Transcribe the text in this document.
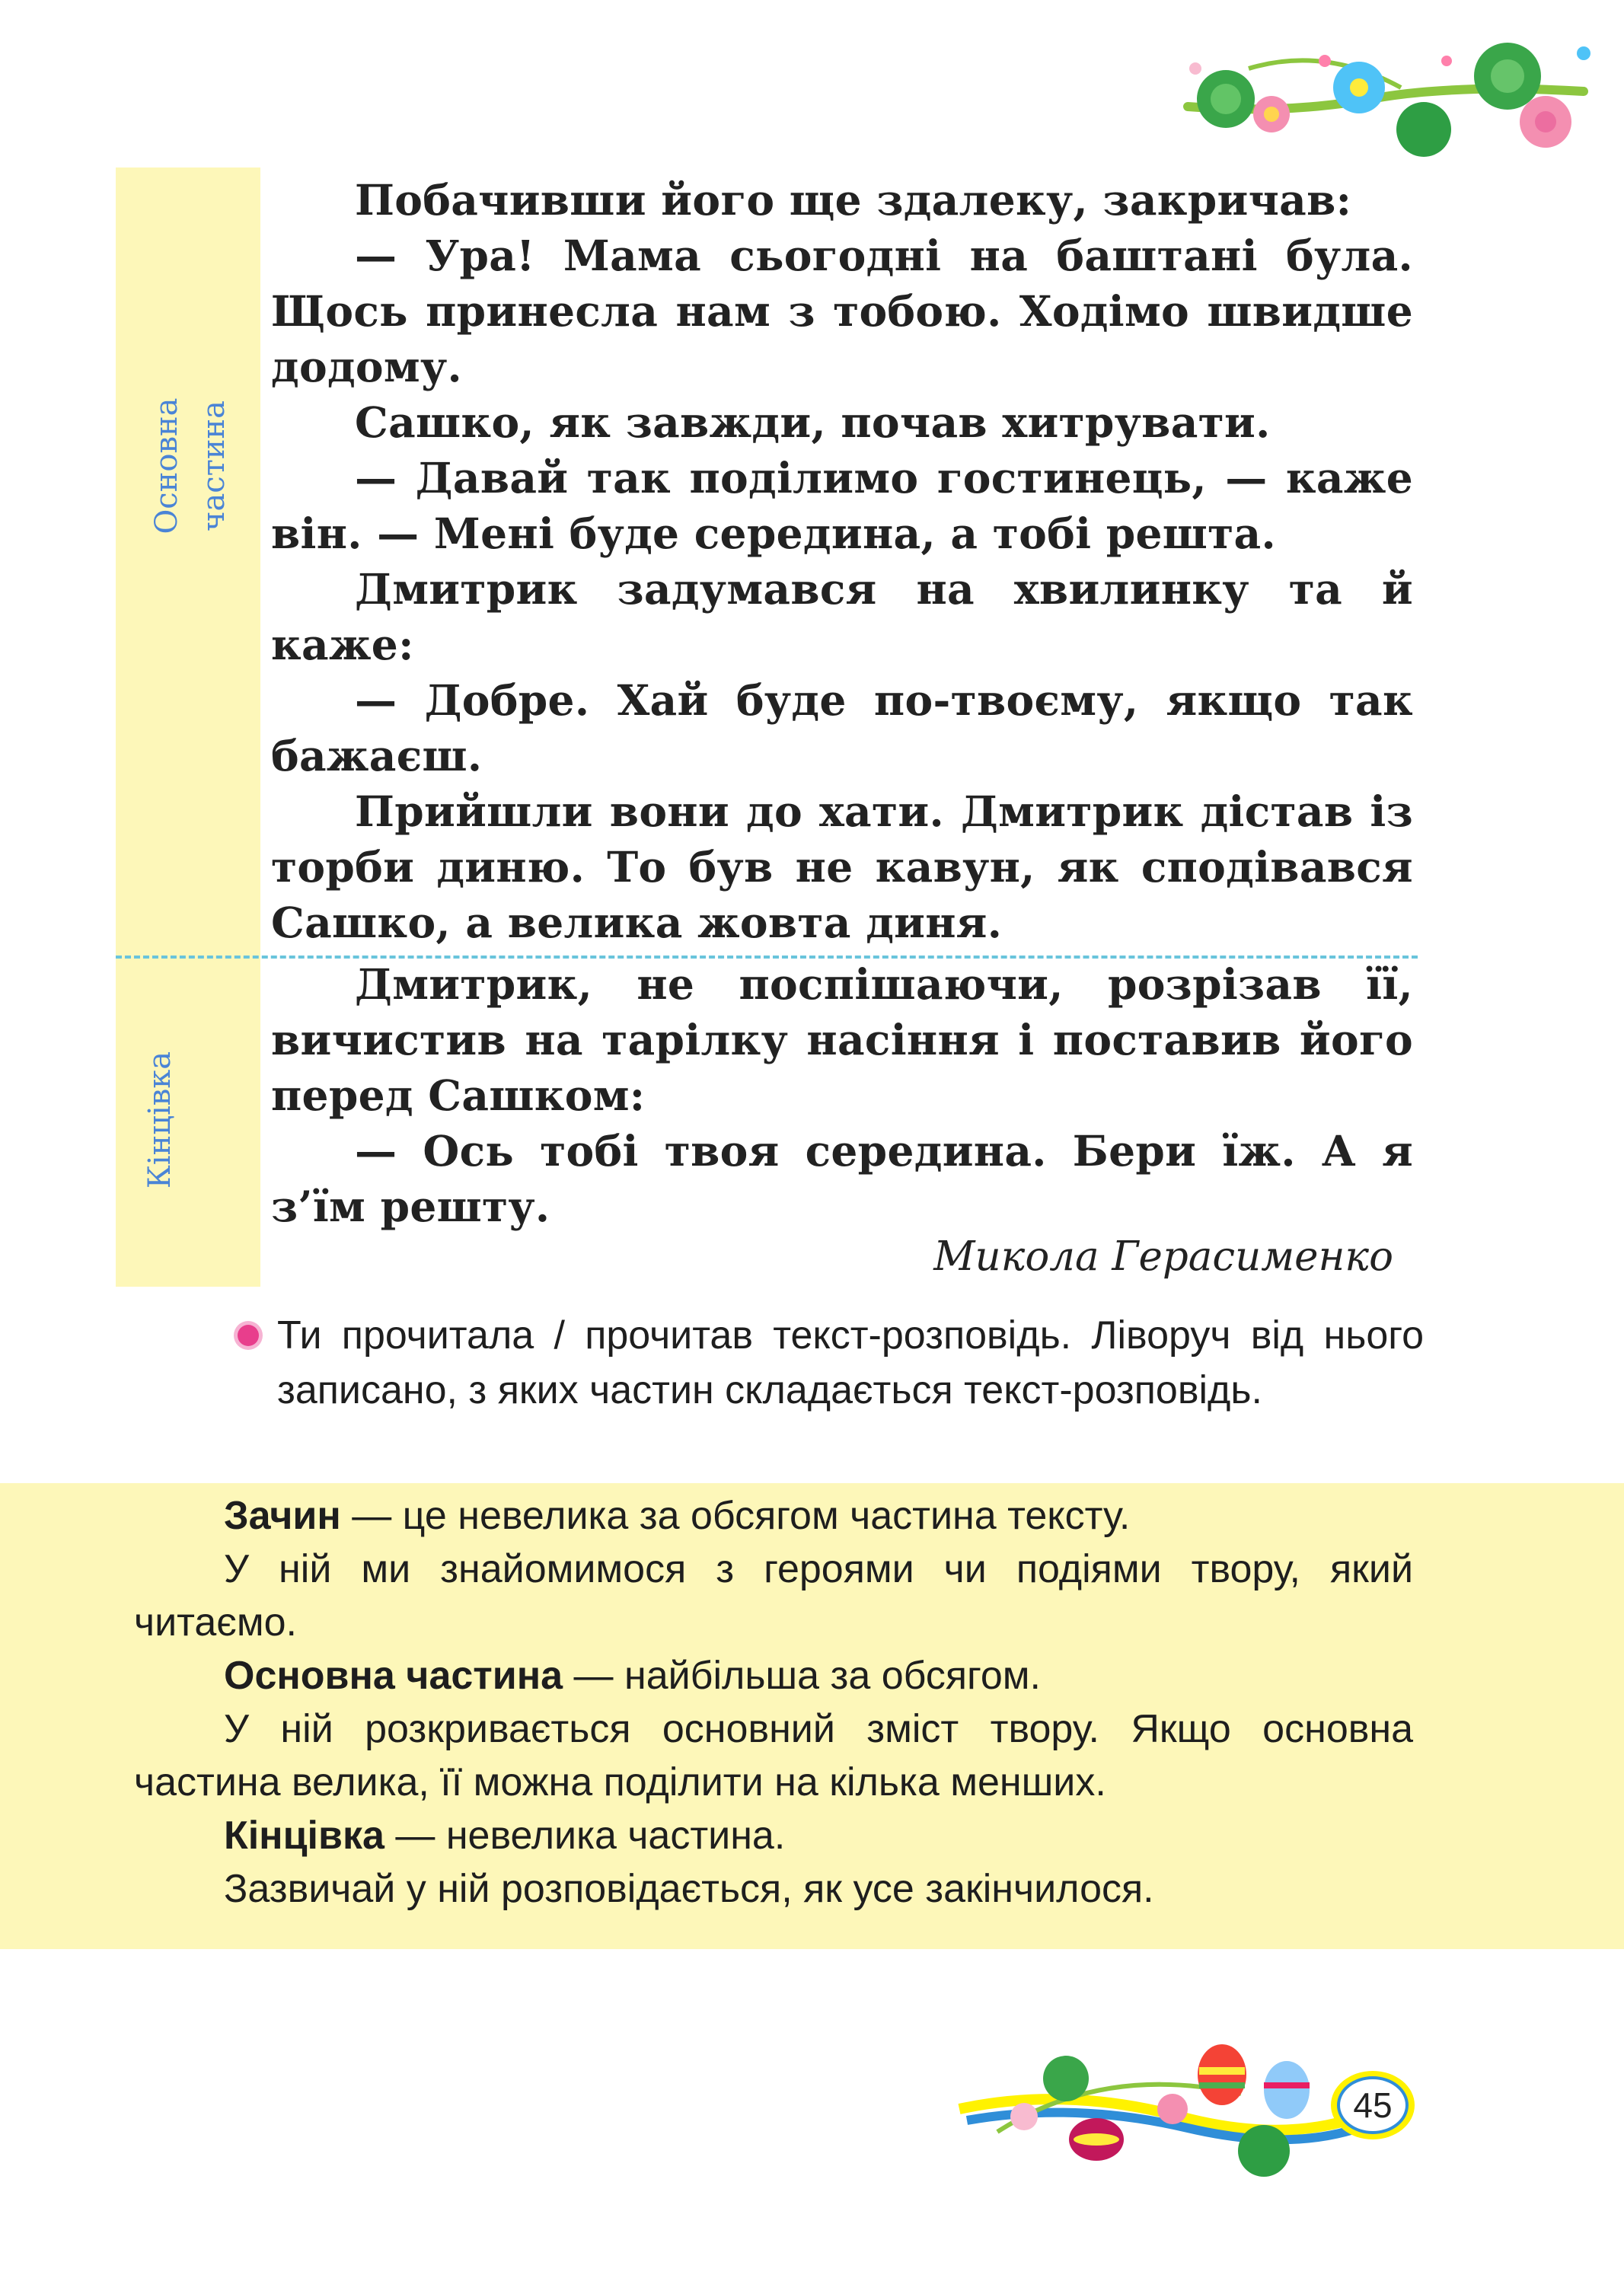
Основна частина
Кінцівка

Побачивши його ще здалеку, закричав:

— Ура! Мама сьогодні на баштані була. Щось принесла нам з тобою. Ходімо швидше додому.

Сашко, як завжди, почав хитрувати.

— Давай так поділимо гостинець, — каже він. — Мені буде середина, а тобі решта.

Дмитрик задумався на хвилинку та й каже:

— Добре. Хай буде по-твоєму, якщо так бажаєш.

Прийшли вони до хати. Дмитрик дістав із торби диню. То був не кавун, як сподівався Сашко, а велика жовта диня.

Дмитрик, не поспішаючи, розрізав її, вичистив на тарілку насіння і поставив його перед Сашком:

— Ось тобі твоя середина. Бери їж. А я з’їм решту.

Микола Герасименко

Ти прочитала / прочитав текст-розповідь. Ліворуч від нього записано, з яких частин складається текст-розповідь.

Зачин — це невелика за обсягом частина тексту.

У ній ми знайомимося з героями чи подіями твору, який читаємо.

Основна частина — найбільша за обсягом.

У ній розкривається основний зміст твору. Якщо основна частина велика, її можна поділити на кілька менших.

Кінцівка — невелика частина.

Зазвичай у ній розповідається, як усе закінчилося.

45
